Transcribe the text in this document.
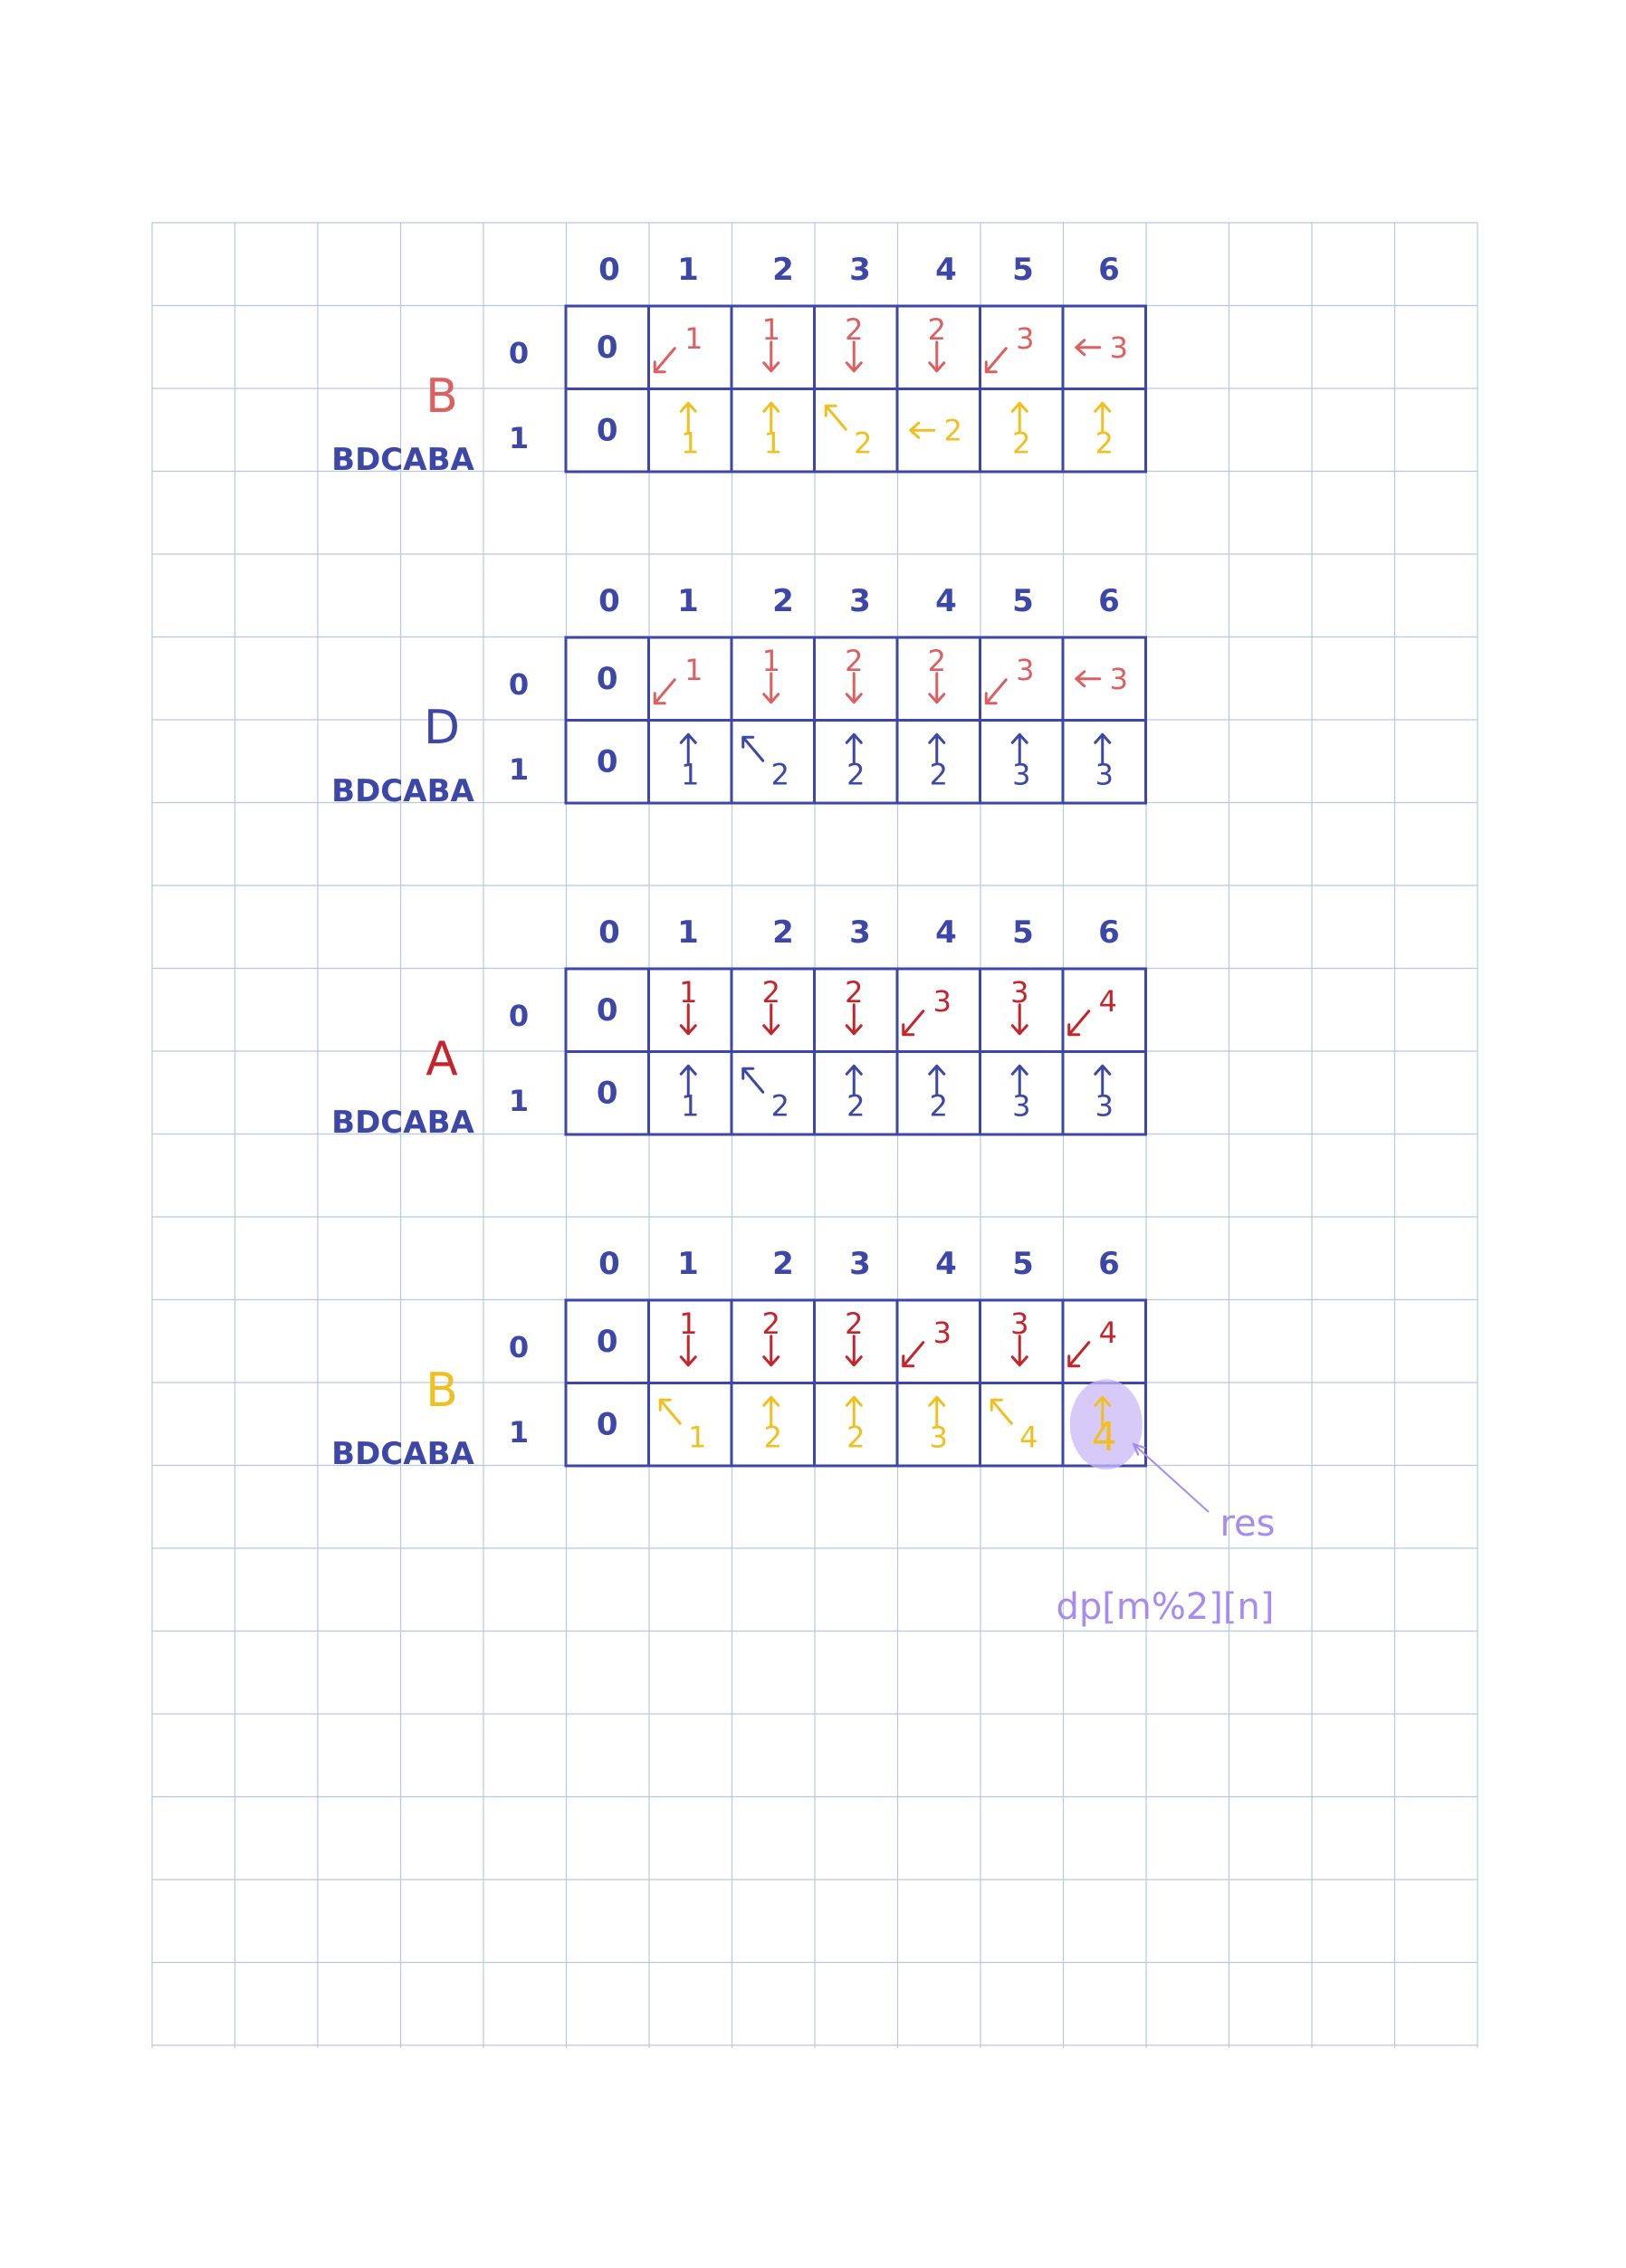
0 1 2 3 4 5 6
B
BDCABA
0
1
0 1 1 2 2 3	3
0 1 1 2 2 2 2
0 1 2 3 4 5 6
D
BDCABA
0
1
0 1 1 2 2 3	3
0 1 2 2 2 3 3
0 1 2 3 4 5 6
A
BDCABA
0
1
0 1 2 2 3 3 4
0 1 2 2 2 3 3
0 1 2 3 4 5 6
B
BDCABA
0
1
0 1 2 2 3 3 4
0 1 2 2 3 4 4
res
dp[m%2][n]
